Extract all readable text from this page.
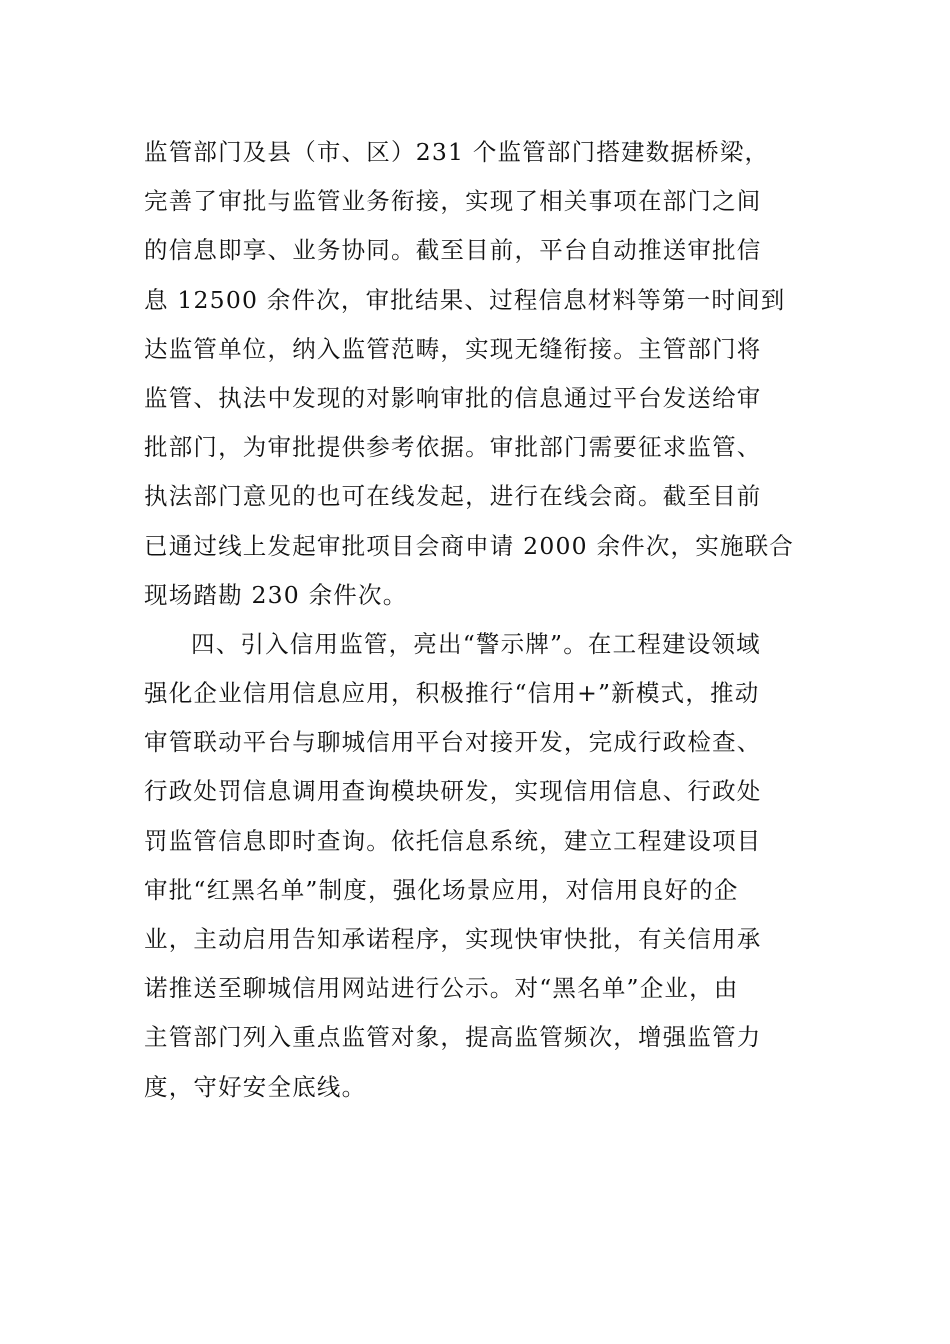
监管部门及县（市、区）231 个监管部门搭建数据桥梁，
完善了审批与监管业务衔接，实现了相关事项在部门之间
的信息即享、业务协同。截至目前，平台自动推送审批信
息 12500 余件次，审批结果、过程信息材料等第一时间到
达监管单位，纳入监管范畴，实现无缝衔接。主管部门将
监管、执法中发现的对影响审批的信息通过平台发送给审
批部门，为审批提供参考依据。审批部门需要征求监管、
执法部门意见的也可在线发起，进行在线会商。截至目前
已通过线上发起审批项目会商申请 2000 余件次，实施联合
现场踏勘 230 余件次。
四、引入信用监管，亮出“警示牌”。在工程建设领域
强化企业信用信息应用，积极推行“信用+”新模式，推动
审管联动平台与聊城信用平台对接开发，完成行政检查、
行政处罚信息调用查询模块研发，实现信用信息、行政处
罚监管信息即时查询。依托信息系统，建立工程建设项目
审批“红黑名单”制度，强化场景应用，对信用良好的企
业，主动启用告知承诺程序，实现快审快批，有关信用承
诺推送至聊城信用网站进行公示。对“黑名单”企业，由
主管部门列入重点监管对象，提高监管频次，增强监管力
度，守好安全底线。
